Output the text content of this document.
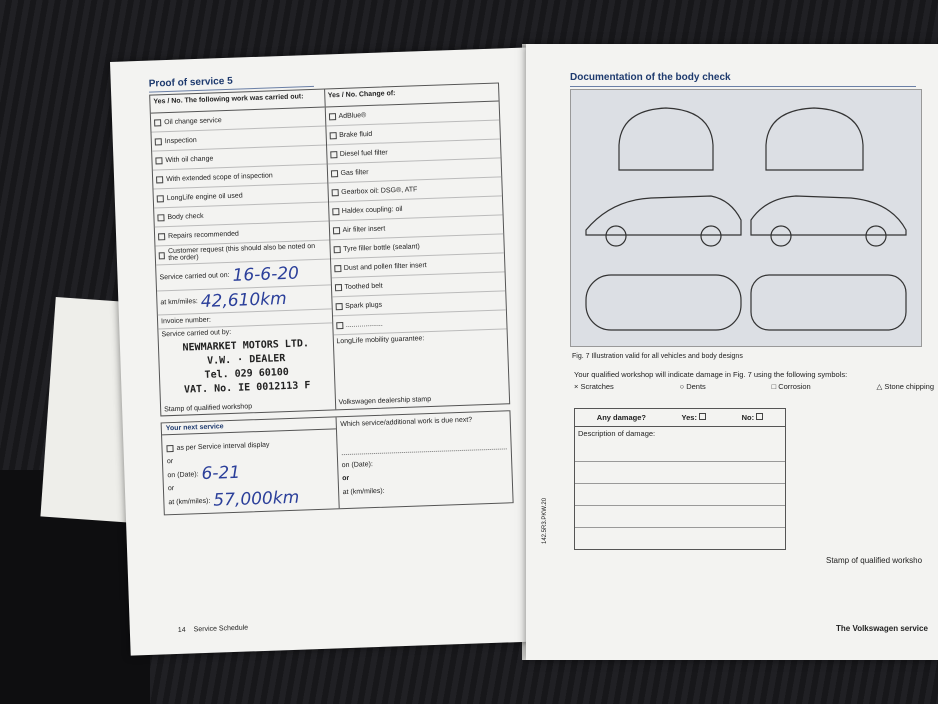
Proof of service 5
Yes / No. The following work was carried out:
Oil change service
Inspection
With oil change
With extended scope of inspection
LongLife engine oil used
Body check
Repairs recommended
Customer request (this should also be noted on the order)
Service carried out on: 16-6-20
at km/miles: 42,610km
Invoice number:
Service carried out by:
NEWMARKET MOTORS LTD.
V.W. · DEALER
Tel. 029 60100
VAT. No. IE 0012113 F
Stamp of qualified workshop
Yes / No. Change of:
AdBlue®
Brake fluid
Diesel fuel filter
Gas filter
Gearbox oil: DSG®, ATF
Haldex coupling: oil
Air filter insert
Tyre filler bottle (sealant)
Dust and pollen filter insert
Toothed belt
Spark plugs
...................
LongLife mobility guarantee:
Volkswagen dealership stamp
Your next service
as per Service interval display
or
on (Date): 6-21
or
at (km/miles): 57,000km
Which service/additional work is due next?
on (Date):
or
at (km/miles):
14 Service Schedule
Documentation of the body check
Fig. 7 Illustration valid for all vehicles and body designs
Your qualified workshop will indicate damage in Fig. 7 using the following symbols:
× Scratches	○ Dents	□ Corrosion	△ Stone chipping
Any damage?	Yes:	No:
Description of damage:
142.5R3.PKW.20
Stamp of qualified worksho
The Volkswagen service
